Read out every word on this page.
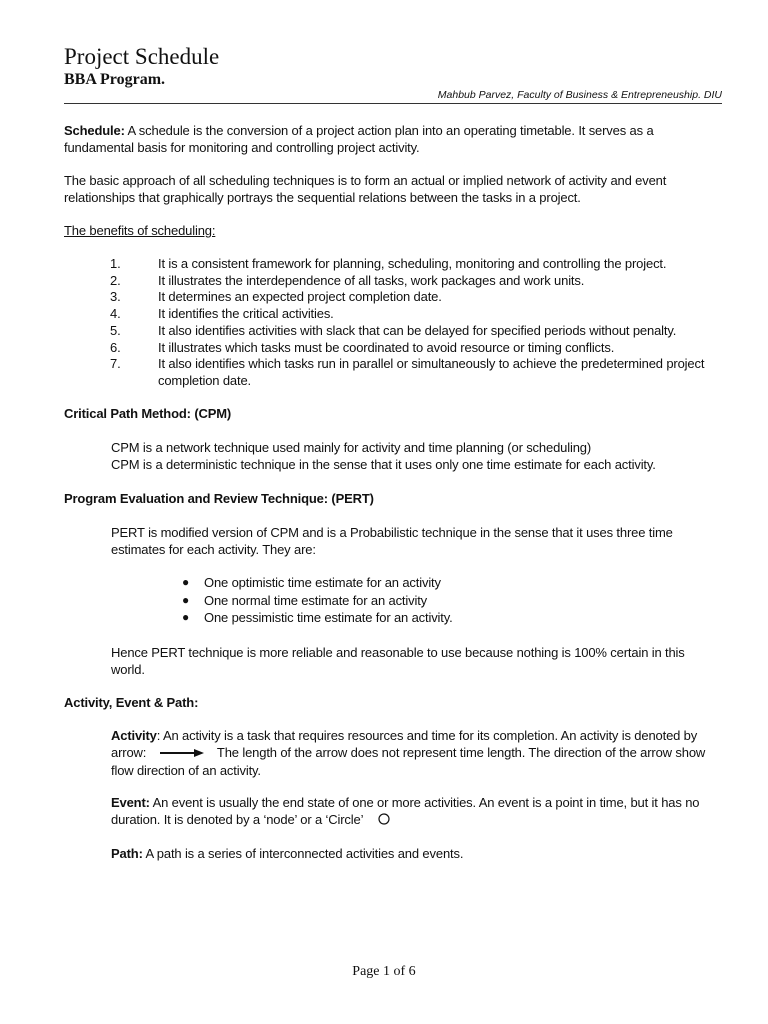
Project Schedule
BBA Program.
Mahbub Parvez, Faculty of Business & Entrepreneuship. DIU
Schedule: A schedule is the conversion of a project action plan into an operating timetable. It serves as a
fundamental basis for monitoring and controlling project activity.
The basic approach of all scheduling techniques is to form an actual or implied network of activity and event
relationships that graphically portrays the sequential relations between the tasks in a project.
The benefits of scheduling:
1.	It is a consistent framework for planning, scheduling, monitoring and controlling the project.
2.	It illustrates the interdependence of all tasks, work packages and work units.
3.	It determines an expected project completion date.
4.	It identifies the critical activities.
5.	It also identifies activities with slack that can be delayed for specified periods without penalty.
6.	It illustrates which tasks must be coordinated to avoid resource or timing conflicts.
7.	It also identifies which tasks run in parallel or simultaneously to achieve the predetermined project
completion date.
Critical Path Method: (CPM)
CPM is a network technique used mainly for activity and time planning (or scheduling)
CPM is a deterministic technique in the sense that it uses only one time estimate for each activity.
Program Evaluation and Review Technique: (PERT)
PERT is modified version of CPM and is a Probabilistic technique in the sense that it uses three time
estimates for each activity. They are:
●	One optimistic time estimate for an activity
●	One normal time estimate for an activity
●	One pessimistic time estimate for an activity.
Hence PERT technique is more reliable and reasonable to use because nothing is 100% certain in this
world.
Activity, Event & Path:
Activity: An activity is a task that requires resources and time for its completion. An activity is denoted by
arrow:	The length of the arrow does not represent time length. The direction of the arrow show
flow direction of an activity.
Event: An event is usually the end state of one or more activities. An event is a point in time, but it has no
duration. It is denoted by a ‘node’ or a ‘Circle’
Path: A path is a series of interconnected activities and events.
Page 1 of 6
